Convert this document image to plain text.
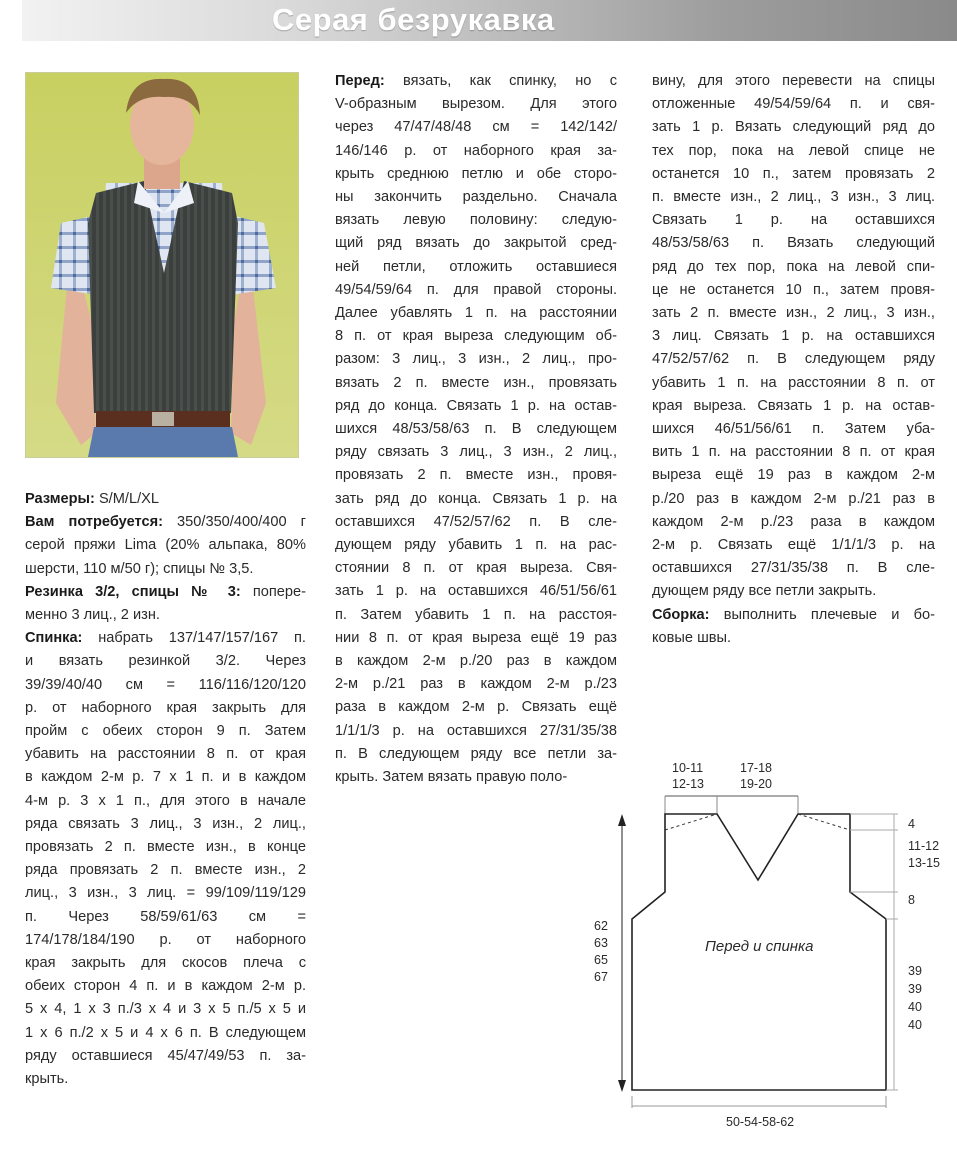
Серая безрукавка

Размеры: S/M/L/XL

Вам потребуется: 350/350/400/400 г
серой пряжи Lima (20% альпака, 80%
шерсти, 110 м/50 г); спицы № 3,5.

Резинка 3/2, спицы № 3: попере-
менно 3 лиц., 2 изн.

Спинка: набрать 137/147/157/167 п.
и вязать резинкой 3/2. Через
39/39/40/40 см = 116/116/120/120
р. от наборного края закрыть для
пройм с обеих сторон 9 п. Затем
убавить на расстоянии 8 п. от края
в каждом 2-м р. 7 х 1 п. и в каждом
4-м р. 3 х 1 п., для этого в начале
ряда связать 3 лиц., 3 изн., 2 лиц.,
провязать 2 п. вместе изн., в конце
ряда провязать 2 п. вместе изн., 2
лиц., 3 изн., 3 лиц. = 99/109/119/129
п. Через 58/59/61/63 см =
174/178/184/190 р. от наборного
края закрыть для скосов плеча с
обеих сторон 4 п. и в каждом 2-м р.
5 х 4, 1 х 3 п./3 х 4 и 3 х 5 п./5 х 5 и
1 х 6 п./2 х 5 и 4 х 6 п. В следующем
ряду оставшиеся 45/47/49/53 п. за-
крыть.

Перед: вязать, как спинку, но с
V-образным вырезом. Для этого
через 47/47/48/48 см = 142/142/
146/146 р. от наборного края за-
крыть среднюю петлю и обе сторо-
ны закончить раздельно. Сначала
вязать левую половину: следую-
щий ряд вязать до закрытой сред-
ней петли, отложить оставшиеся
49/54/59/64 п. для правой стороны.
Далее убавлять 1 п. на расстоянии
8 п. от края выреза следующим об-
разом: 3 лиц., 3 изн., 2 лиц., про-
вязать 2 п. вместе изн., провязать
ряд до конца. Связать 1 р. на остав-
шихся 48/53/58/63 п. В следующем
ряду связать 3 лиц., 3 изн., 2 лиц.,
провязать 2 п. вместе изн., провя-
зать ряд до конца. Связать 1 р. на
оставшихся 47/52/57/62 п. В сле-
дующем ряду убавить 1 п. на рас-
стоянии 8 п. от края выреза. Свя-
зать 1 р. на оставшихся 46/51/56/61
п. Затем убавить 1 п. на расстоя-
нии 8 п. от края выреза ещё 19 раз
в каждом 2-м р./20 раз в каждом
2-м р./21 раз в каждом 2-м р./23
раза в каждом 2-м р. Связать ещё
1/1/1/3 р. на оставшихся 27/31/35/38
п. В следующем ряду все петли за-
крыть. Затем вязать правую поло-

вину, для этого перевести на спицы
отложенные 49/54/59/64 п. и свя-
зать 1 р. Вязать следующий ряд до
тех пор, пока на левой спице не
останется 10 п., затем провязать 2
п. вместе изн., 2 лиц., 3 изн., 3 лиц.
Связать 1 р. на оставшихся
48/53/58/63 п. Вязать следующий
ряд до тех пор, пока на левой спи-
це не останется 10 п., затем провя-
зать 2 п. вместе изн., 2 лиц., 3 изн.,
3 лиц. Связать 1 р. на оставшихся
47/52/57/62 п. В следующем ряду
убавить 1 п. на расстоянии 8 п. от
края выреза. Связать 1 р. на остав-
шихся 46/51/56/61 п. Затем уба-
вить 1 п. на расстоянии 8 п. от края
выреза ещё 19 раз в каждом 2-м
р./20 раз в каждом 2-м р./21 раз в
каждом 2-м р./23 раза в каждом
2-м р. Связать ещё 1/1/1/3 р. на
оставшихся 27/31/35/38 п. В сле-
дующем ряду все петли закрыть.

Сборка: выполнить плечевые и бо-
ковые швы.

10-11
12-13
17-18
19-20
62
63
65
67
4
11-12
13-15
8
39
39
40
40
Перед и спинка
50-54-58-62
